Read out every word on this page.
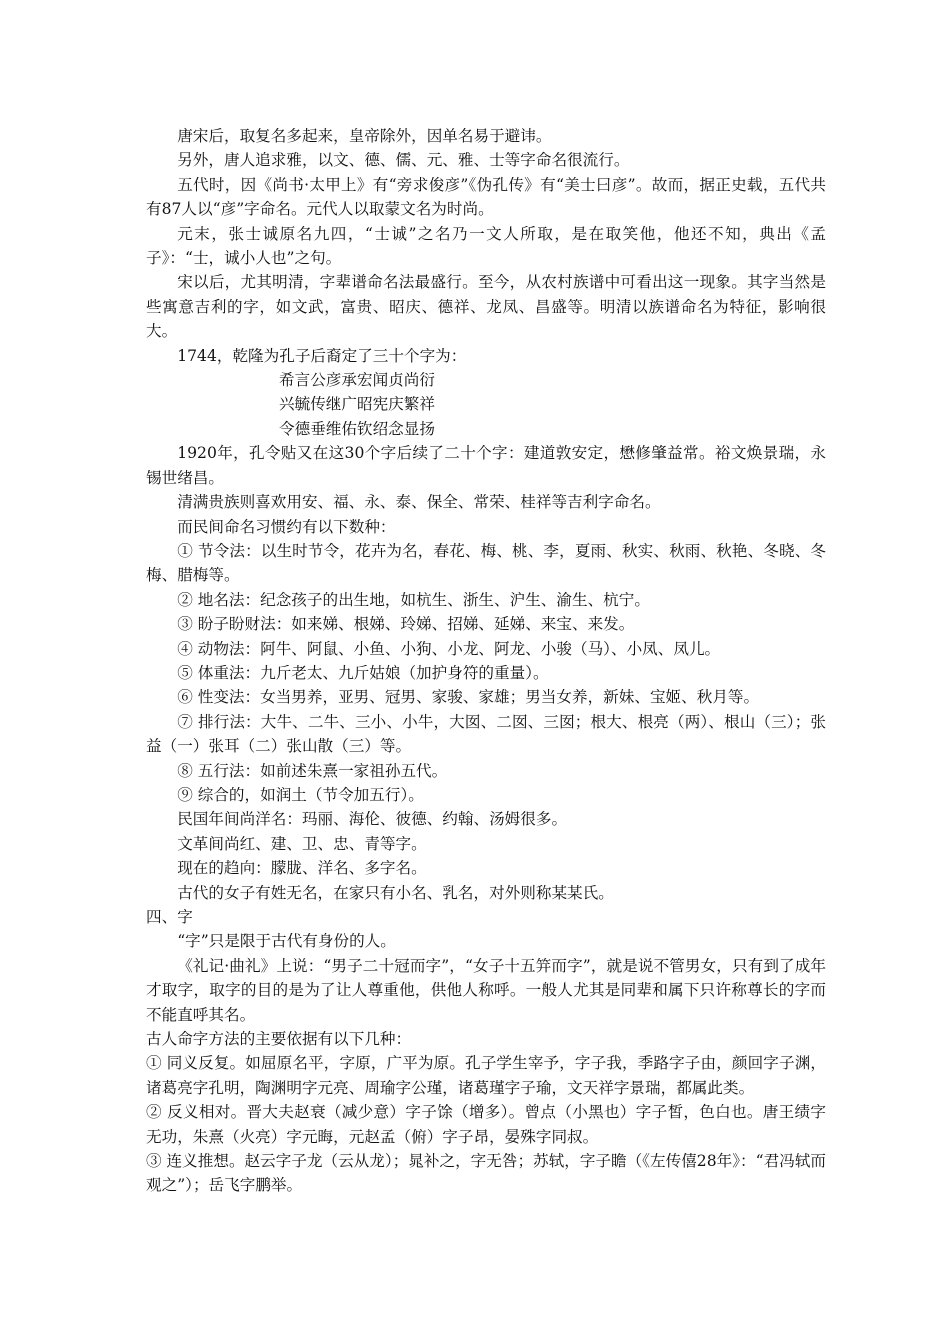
唐宋后，取复名多起来，皇帝除外，因单名易于避讳。

另外，唐人追求雅，以文、德、儒、元、雅、士等字命名很流行。

五代时，因《尚书·太甲上》有“旁求俊彦”《伪孔传》有“美士曰彦”。故而，据正史载，五代共有87人以“彦”字命名。元代人以取蒙文名为时尚。

元末，张士诚原名九四，“士诚”之名乃一文人所取，是在取笑他，他还不知，典出《孟子》：“士，诚小人也”之句。

宋以后，尤其明清，字辈谱命名法最盛行。至今，从农村族谱中可看出这一现象。其字当然是些寓意吉利的字，如文武，富贵、昭庆、德祥、龙凤、昌盛等。明清以族谱命名为特征，影响很大。

1744，乾隆为孔子后裔定了三十个字为：

希言公彦承宏闻贞尚衍

兴毓传继广昭宪庆繁祥

令德垂维佑钦绍念显扬

1920年，孔令贴又在这30个字后续了二十个字：建道敦安定，懋修肇益常。裕文焕景瑞，永锡世绪昌。

清满贵族则喜欢用安、福、永、泰、保全、常荣、桂祥等吉利字命名。

而民间命名习惯约有以下数种：

① 节令法：以生时节令，花卉为名，春花、梅、桃、李，夏雨、秋实、秋雨、秋艳、冬晓、冬梅、腊梅等。

② 地名法：纪念孩子的出生地，如杭生、浙生、沪生、渝生、杭宁。

③ 盼子盼财法：如来娣、根娣、玲娣、招娣、延娣、来宝、来发。

④ 动物法：阿牛、阿鼠、小鱼、小狗、小龙、阿龙、小骏（马）、小凤、凤儿。

⑤ 体重法：九斤老太、九斤姑娘（加护身符的重量）。

⑥ 性变法：女当男养，亚男、冠男、家骏、家雄；男当女养，新妹、宝姬、秋月等。

⑦ 排行法：大牛、二牛、三小、小牛，大囡、二囡、三囡；根大、根亮（两）、根山（三）；张益（一）张耳（二）张山散（三）等。

⑧ 五行法：如前述朱熹一家祖孙五代。

⑨ 综合的，如润土（节令加五行）。

民国年间尚洋名：玛丽、海伦、彼德、约翰、汤姆很多。

文革间尚红、建、卫、忠、青等字。

现在的趋向：朦胧、洋名、多字名。

古代的女子有姓无名，在家只有小名、乳名，对外则称某某氏。

四、字

“字”只是限于古代有身份的人。

《礼记·曲礼》上说：“男子二十冠而字”，“女子十五笄而字”，就是说不管男女，只有到了成年才取字，取字的目的是为了让人尊重他，供他人称呼。一般人尤其是同辈和属下只许称尊长的字而不能直呼其名。

古人命字方法的主要依据有以下几种：

① 同义反复。如屈原名平，字原，广平为原。孔子学生宰予，字子我，季路字子由，颜回字子渊，诸葛亮字孔明，陶渊明字元亮、周瑜字公瑾，诸葛瑾字子瑜，文天祥字景瑞，都属此类。

② 反义相对。晋大夫赵衰（减少意）字子馀（增多）。曾点（小黑也）字子皙，色白也。唐王绩字无功，朱熹（火亮）字元晦，元赵孟（俯）字子昂，晏殊字同叔。

③ 连义推想。赵云字子龙（云从龙）；晁补之，字无咎；苏轼，字子瞻（《左传僖28年》：“君冯轼而观之”）；岳飞字鹏举。
